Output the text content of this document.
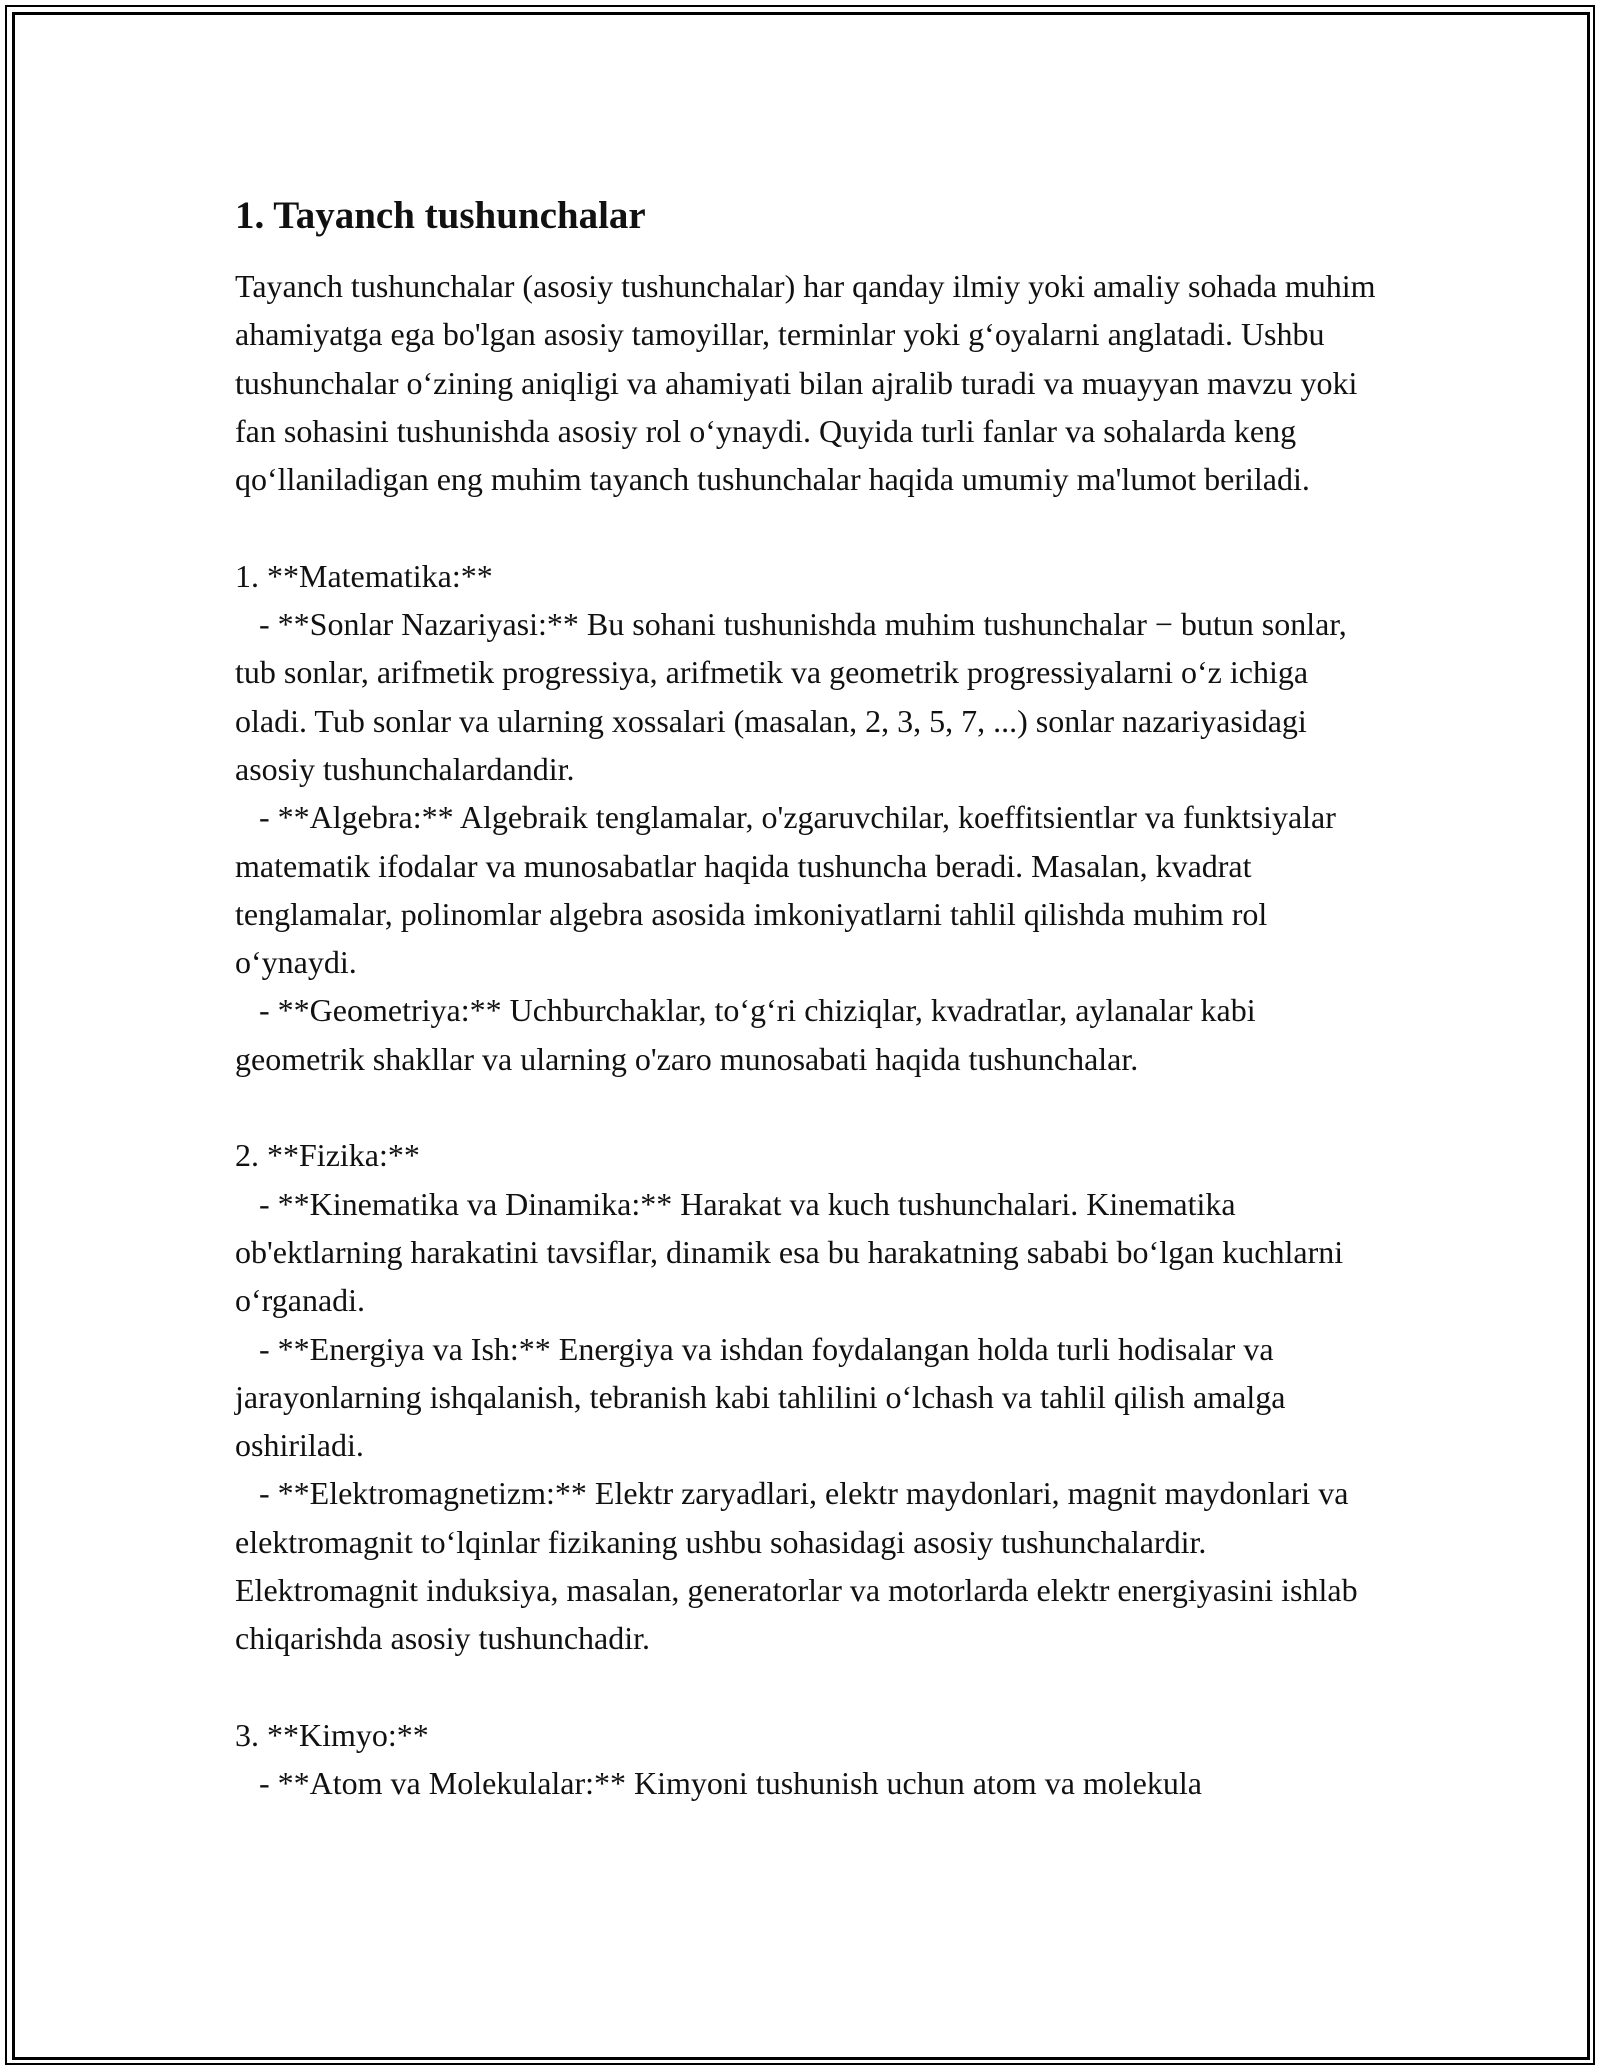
1. Tayanch tushunchalar

Tayanch tushunchalar (asosiy tushunchalar) har qanday ilmiy yoki amaliy sohada muhim ahamiyatga ega bo'lgan asosiy tamoyillar, terminlar yoki g‘oyalarni anglatadi. Ushbu tushunchalar o‘zining aniqligi va ahamiyati bilan ajralib turadi va muayyan mavzu yoki fan sohasini tushunishda asosiy rol o‘ynaydi. Quyida turli fanlar va sohalarda keng qo‘llaniladigan eng muhim tayanch tushunchalar haqida umumiy ma'lumot beriladi.

1. **Matematika:**
- **Sonlar Nazariyasi:** Bu sohani tushunishda muhim tushunchalar − butun sonlar, tub sonlar, arifmetik progressiya, arifmetik va geometrik progressiyalarni o‘z ichiga oladi. Tub sonlar va ularning xossalari (masalan, 2, 3, 5, 7, ...) sonlar nazariyasidagi asosiy tushunchalardandir.
- **Algebra:** Algebraik tenglamalar, o'zgaruvchilar, koeffitsientlar va funktsiyalar matematik ifodalar va munosabatlar haqida tushuncha beradi. Masalan, kvadrat tenglamalar, polinomlar algebra asosida imkoniyatlarni tahlil qilishda muhim rol o‘ynaydi.
- **Geometriya:** Uchburchaklar, to‘g‘ri chiziqlar, kvadratlar, aylanalar kabi geometrik shakllar va ularning o'zaro munosabati haqida tushunchalar.

2. **Fizika:**
- **Kinematika va Dinamika:** Harakat va kuch tushunchalari. Kinematika ob'ektlarning harakatini tavsiflar, dinamik esa bu harakatning sababi bo‘lgan kuchlarni o‘rganadi.
- **Energiya va Ish:** Energiya va ishdan foydalangan holda turli hodisalar va jarayonlarning ishqalanish, tebranish kabi tahlilini o‘lchash va tahlil qilish amalga oshiriladi.
- **Elektromagnetizm:** Elektr zaryadlari, elektr maydonlari, magnit maydonlari va elektromagnit to‘lqinlar fizikaning ushbu sohasidagi asosiy tushunchalardir. Elektromagnit induksiya, masalan, generatorlar va motorlarda elektr energiyasini ishlab chiqarishda asosiy tushunchadir.

3. **Kimyo:**
- **Atom va Molekulalar:** Kimyoni tushunish uchun atom va molekula
